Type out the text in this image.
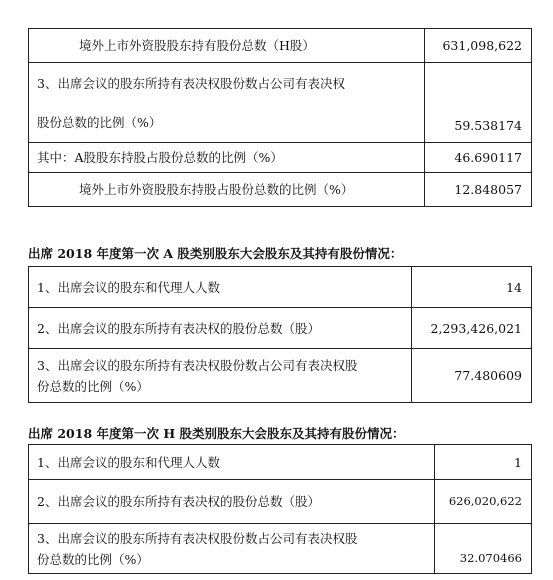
境外上市外资股股东持有股份总数（H股）	631,098,622

3、出席会议的股东所持有表决权股份数占公司有表决权
股份总数的比例（%）	59.538174
其中：A股股东持股占股份总数的比例（%）	46.690117
境外上市外资股股东持股占股份总数的比例（%）	12.848057
出席 2018 年度第一次 A 股类别股东大会股东及其持有股份情况：
1、出席会议的股东和代理人人数	14
2、出席会议的股东所持有表决权的股份总数（股）	2,293,426,021

3、出席会议的股东所持有表决权股份数占公司有表决权股
份总数的比例（%）	77.480609
出席 2018 年度第一次 H 股类别股东大会股东及其持有股份情况：
1、出席会议的股东和代理人人数	1
2、出席会议的股东所持有表决权的股份总数（股）	626,020,622

3、出席会议的股东所持有表决权股份数占公司有表决权股
份总数的比例（%）	32.070466
